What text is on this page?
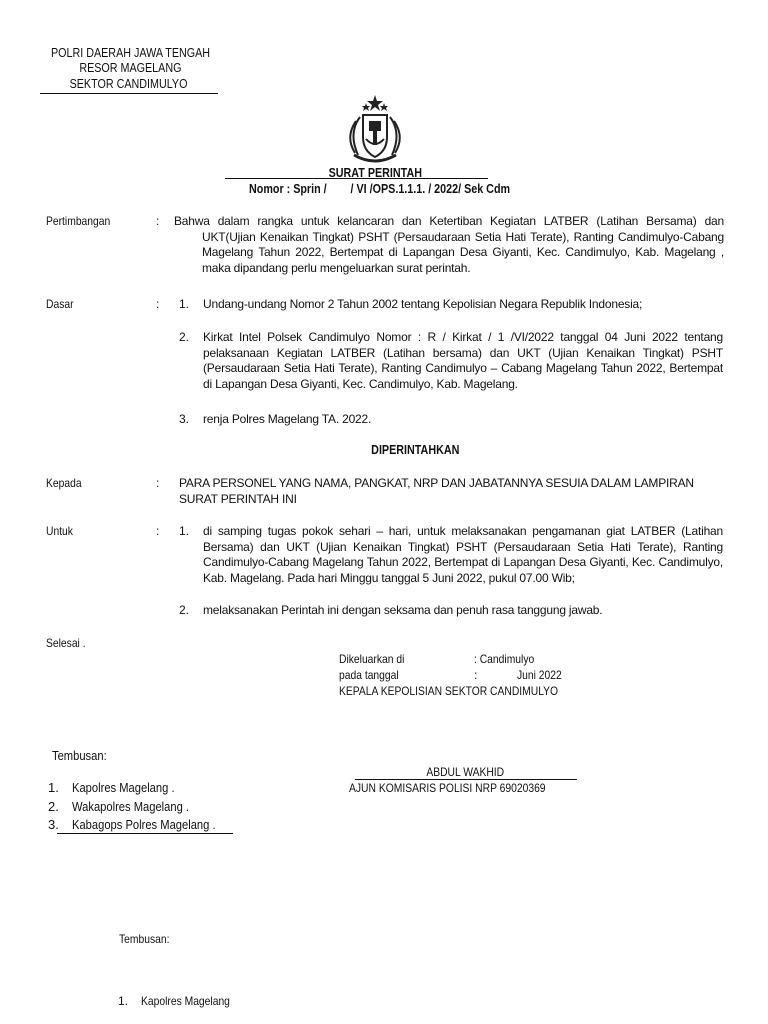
POLRI DAERAH JAWA TENGAH
RESOR MAGELANG
SEKTOR CANDIMULYO
SURAT PERINTAH
Nomor : Sprin /        / VI /OPS.1.1.1. / 2022/ Sek Cdm
Pertimbangan	: Bahwa dalam rangka untuk kelancaran dan Ketertiban Kegiatan LATBER (Latihan Bersama) dan UKT(Ujian Kenaikan Tingkat) PSHT (Persaudaraan Setia Hati Terate), Ranting Candimulyo-Cabang Magelang Tahun 2022, Bertempat di Lapangan Desa Giyanti, Kec. Candimulyo, Kab. Magelang , maka dipandang perlu mengeluarkan surat perintah.
Dasar	: 1. Undang-undang Nomor 2 Tahun 2002 tentang Kepolisian Negara Republik Indonesia;
2. Kirkat Intel Polsek Candimulyo Nomor : R / Kirkat / 1 /VI/2022 tanggal 04 Juni 2022 tentang pelaksanaan Kegiatan LATBER (Latihan bersama) dan UKT (Ujian Kenaikan Tingkat) PSHT (Persaudaraan Setia Hati Terate), Ranting Candimulyo – Cabang Magelang Tahun 2022, Bertempat di Lapangan Desa Giyanti, Kec. Candimulyo, Kab. Magelang.
3. renja Polres Magelang TA. 2022.
DIPERINTAHKAN
Kepada	: PARA PERSONEL YANG NAMA, PANGKAT, NRP DAN JABATANNYA SESUIA DALAM LAMPIRAN SURAT PERINTAH INI
Untuk	: 1. di samping tugas pokok sehari – hari, untuk melaksanakan pengamanan giat LATBER (Latihan Bersama) dan UKT (Ujian Kenaikan Tingkat) PSHT (Persaudaraan Setia Hati Terate), Ranting Candimulyo-Cabang Magelang Tahun 2022, Bertempat di Lapangan Desa Giyanti, Kec. Candimulyo, Kab. Magelang. Pada hari Minggu tanggal 5 Juni 2022, pukul 07.00 Wib;
2. melaksanakan Perintah ini dengan seksama dan penuh rasa tanggung jawab.
Selesai .
Dikeluarkan di	: Candimulyo
pada tanggal	:	Juni 2022
KEPALA KEPOLISIAN SEKTOR CANDIMULYO
ABDUL WAKHID
AJUN KOMISARIS POLISI NRP 69020369
Tembusan:
1. Kapolres Magelang .
2. Wakapolres Magelang .
3. Kabagops Polres Magelang .
Tembusan:
1. Kapolres Magelang
